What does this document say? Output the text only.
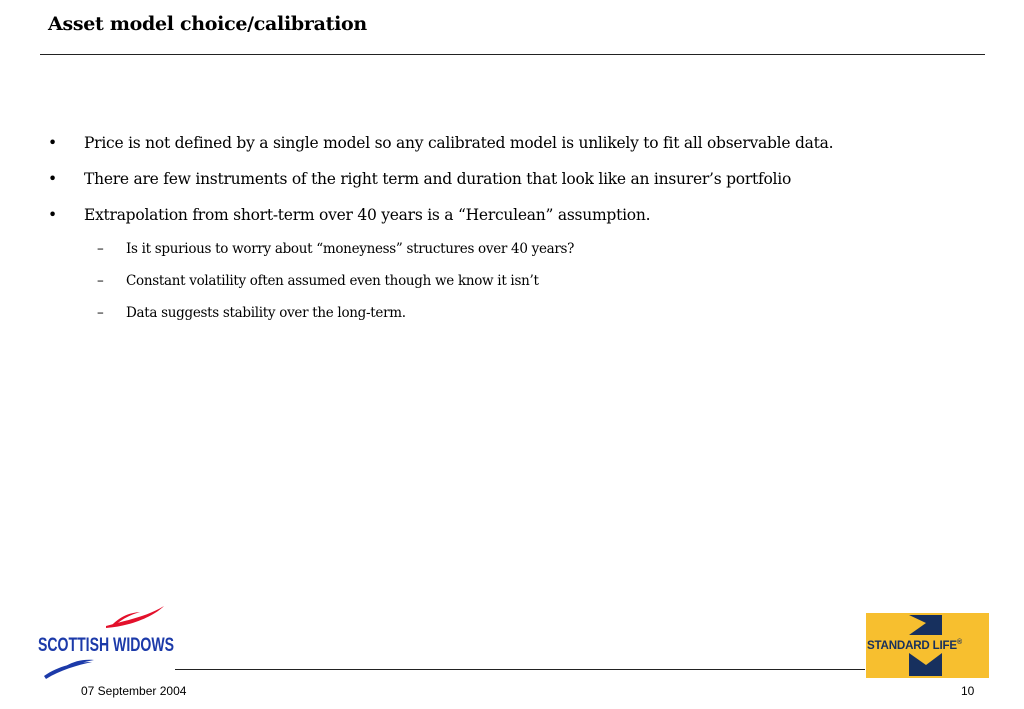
Asset model choice/calibration
• Price is not defined by a single model so any calibrated model is unlikely to fit all observable data.
• There are few instruments of the right term and duration that look like an insurer’s portfolio
• Extrapolation from short-term over 40 years is a “Herculean” assumption.
– Is it spurious to worry about “moneyness” structures over 40 years?
– Constant volatility often assumed even though we know it isn’t
– Data suggests stability over the long-term.
SCOTTISH WIDOWS
07 September 2004	10
STANDARD LIFE®
